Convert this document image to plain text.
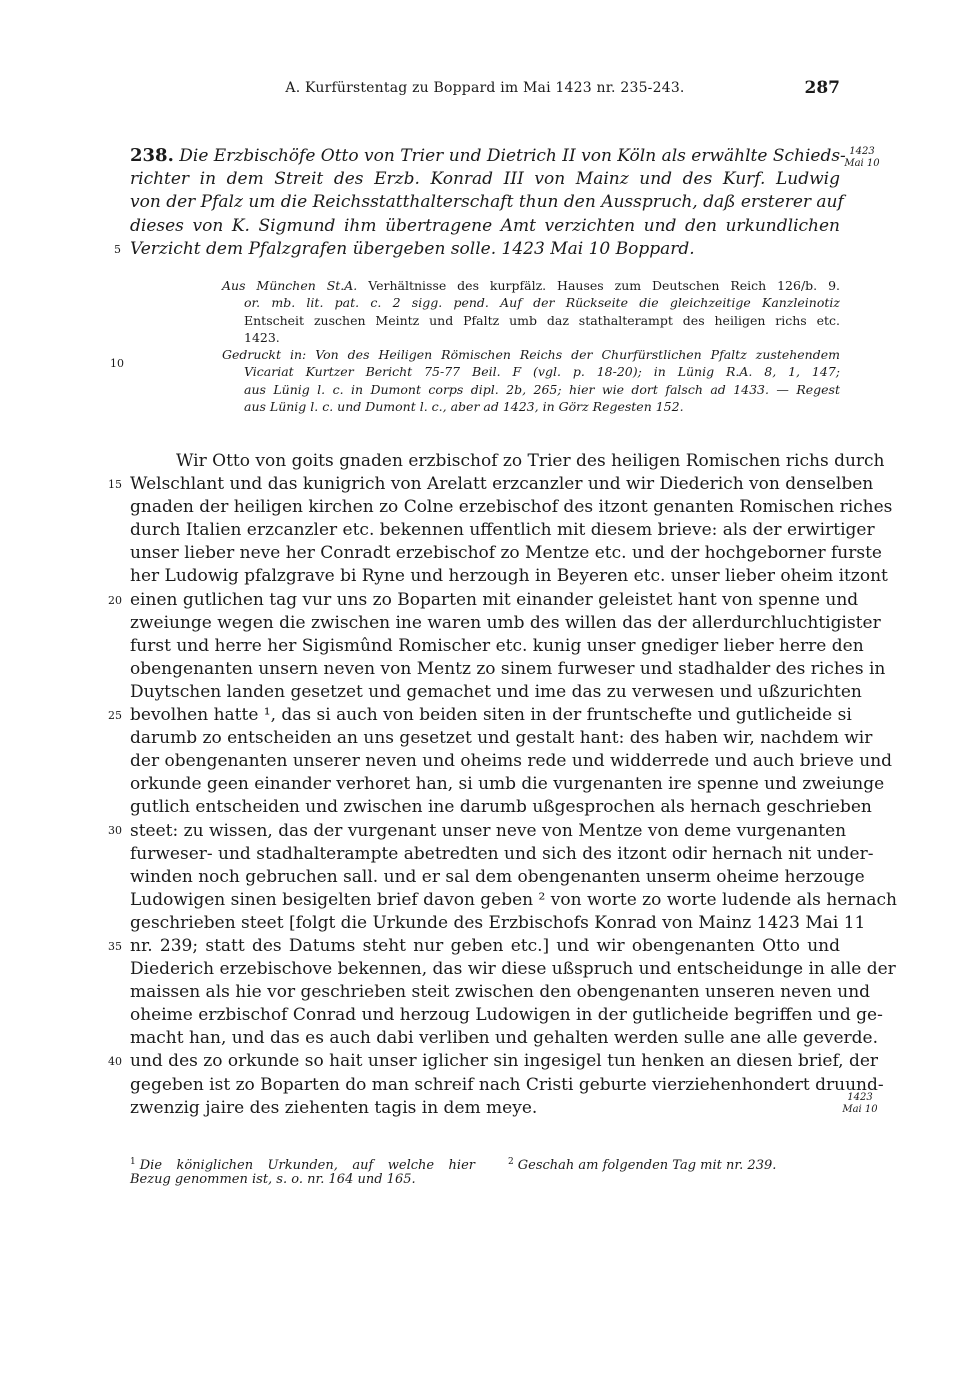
A. Kurfürstentag zu Boppard im Mai 1423 nr. 235-243.	287
1423
Mai 10
1423
Mai 10
5
10
15
20
25
30
35
40
238. Die Erzbischöfe Otto von Trier und Dietrich II von Köln als erwählte Schieds-
richter in dem Streit des Erzb. Konrad III von Mainz und des Kurf. Ludwig
von der Pfalz um die Reichsstatthalterschaft thun den Ausspruch, daß ersterer auf
dieses von K. Sigmund ihm übertragene Amt verzichten und den urkundlichen
Verzicht dem Pfalzgrafen übergeben solle. 1423 Mai 10 Boppard.
Aus München St.A. Verhältnisse des kurpfälz. Hauses zum Deutschen Reich 126/b. 9.
or. mb. lit. pat. c. 2 sigg. pend. Auf der Rückseite die gleichzeitige Kanzleinotiz
Entscheit zuschen Meintz und Pfaltz umb daz stathalterampt des heiligen richs etc.
1423.
Gedruckt in: Von des Heiligen Römischen Reichs der Churfürstlichen Pfaltz zustehendem
Vicariat Kurtzer Bericht 75-77 Beil. F (vgl. p. 18-20); in Lünig R.A. 8, 1, 147;
aus Lünig l. c. in Dumont corps dipl. 2b, 265; hier wie dort falsch ad 1433. — Regest
aus Lünig l. c. und Dumont l. c., aber ad 1423, in Görz Regesten 152.
Wir Otto von goits gnaden erzbischof zo Trier des heiligen Romischen richs durch
Welschlant und das kunigrich von Arelatt erzcanzler und wir Diederich von denselben
gnaden der heiligen kirchen zo Colne erzebischof des itzont genanten Romischen riches
durch Italien erzcanzler etc. bekennen uffentlich mit diesem brieve: als der erwirtiger
unser lieber neve her Conradt erzebischof zo Mentze etc. und der hochgeborner furste
her Ludowig pfalzgrave bi Ryne und herzough in Beyeren etc. unser lieber oheim itzont
einen gutlichen tag vur uns zo Boparten mit einander geleistet hant von spenne und
zweiunge wegen die zwischen ine waren umb des willen das der allerdurchluchtigister
furst und herre her Sigismûnd Romischer etc. kunig unser gnediger lieber herre den
obengenanten unsern neven von Mentz zo sinem furweser und stadhalder des riches in
Duytschen landen gesetzet und gemachet und ime das zu verwesen und ußzurichten
bevolhen hatte ¹, das si auch von beiden siten in der fruntschefte und gutlicheide si
darumb zo entscheiden an uns gesetzet und gestalt hant: des haben wir, nachdem wir
der obengenanten unserer neven und oheims rede und widderrede und auch brieve und
orkunde geen einander verhoret han, si umb die vurgenanten ire spenne und zweiunge
gutlich entscheiden und zwischen ine darumb ußgesprochen als hernach geschrieben
steet: zu wissen, das der vurgenant unser neve von Mentze von deme vurgenanten
furweser- und stadhalterampte abetredten und sich des itzont odir hernach nit under-
winden noch gebruchen sall. und er sal dem obengenanten unserm oheime herzouge
Ludowigen sinen besigelten brief davon geben ² von worte zo worte ludende als hernach
geschrieben steet [folgt die Urkunde des Erzbischofs Konrad von Mainz 1423 Mai 11
nr. 239; statt des Datums steht nur geben etc.] und wir obengenanten Otto und
Diederich erzebischove bekennen, das wir diese ußspruch und entscheidunge in alle der
maissen als hie vor geschrieben steit zwischen den obengenanten unseren neven und
oheime erzbischof Conrad und herzoug Ludowigen in der gutlicheide begriffen und ge-
macht han, und das es auch dabi verliben und gehalten werden sulle ane alle geverde.
und des zo orkunde so hait unser iglicher sin ingesigel tun henken an diesen brief, der
gegeben ist zo Boparten do man schreif nach Cristi geburte vierziehenhondert druund-
zwenzig jaire des ziehenten tagis in dem meye.
$^1$ Die königlichen Urkunden, auf welche hier
Bezug genommen ist, s. o. nr. 164 und 165.
$^2$ Geschah am folgenden Tag mit nr. 239.
